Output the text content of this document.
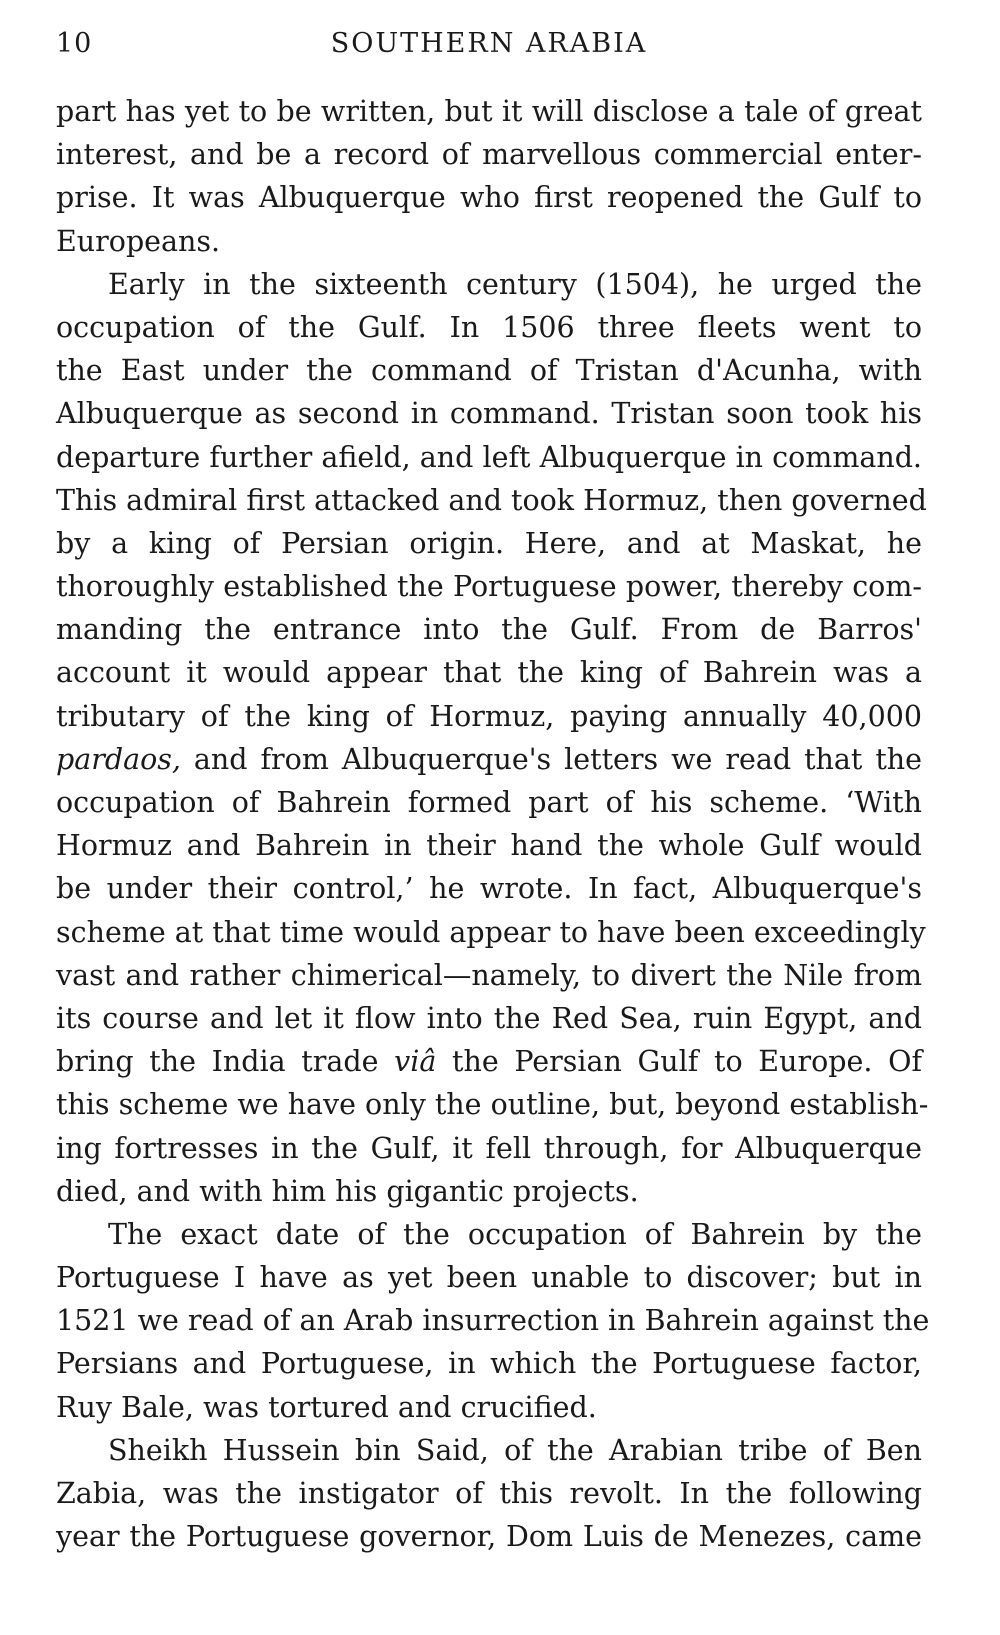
10	SOUTHERN ARABIA
part has yet to be written, but it will disclose a tale of great
interest, and be a record of marvellous commercial enter-
prise. It was Albuquerque who first reopened the Gulf to
Europeans.
Early in the sixteenth century (1504), he urged the
occupation of the Gulf. In 1506 three fleets went to
the East under the command of Tristan d'Acunha, with
Albuquerque as second in command. Tristan soon took his
departure further afield, and left Albuquerque in command.
This admiral first attacked and took Hormuz, then governed
by a king of Persian origin. Here, and at Maskat, he
thoroughly established the Portuguese power, thereby com-
manding the entrance into the Gulf. From de Barros'
account it would appear that the king of Bahrein was a
tributary of the king of Hormuz, paying annually 40,000
pardaos, and from Albuquerque's letters we read that the
occupation of Bahrein formed part of his scheme. ‘With
Hormuz and Bahrein in their hand the whole Gulf would
be under their control,’ he wrote. In fact, Albuquerque's
scheme at that time would appear to have been exceedingly
vast and rather chimerical—namely, to divert the Nile from
its course and let it flow into the Red Sea, ruin Egypt, and
bring the India trade viâ the Persian Gulf to Europe. Of
this scheme we have only the outline, but, beyond establish-
ing fortresses in the Gulf, it fell through, for Albuquerque
died, and with him his gigantic projects.
The exact date of the occupation of Bahrein by the
Portuguese I have as yet been unable to discover; but in
1521 we read of an Arab insurrection in Bahrein against the
Persians and Portuguese, in which the Portuguese factor,
Ruy Bale, was tortured and crucified.
Sheikh Hussein bin Said, of the Arabian tribe of Ben
Zabia, was the instigator of this revolt. In the following
year the Portuguese governor, Dom Luis de Menezes, came
